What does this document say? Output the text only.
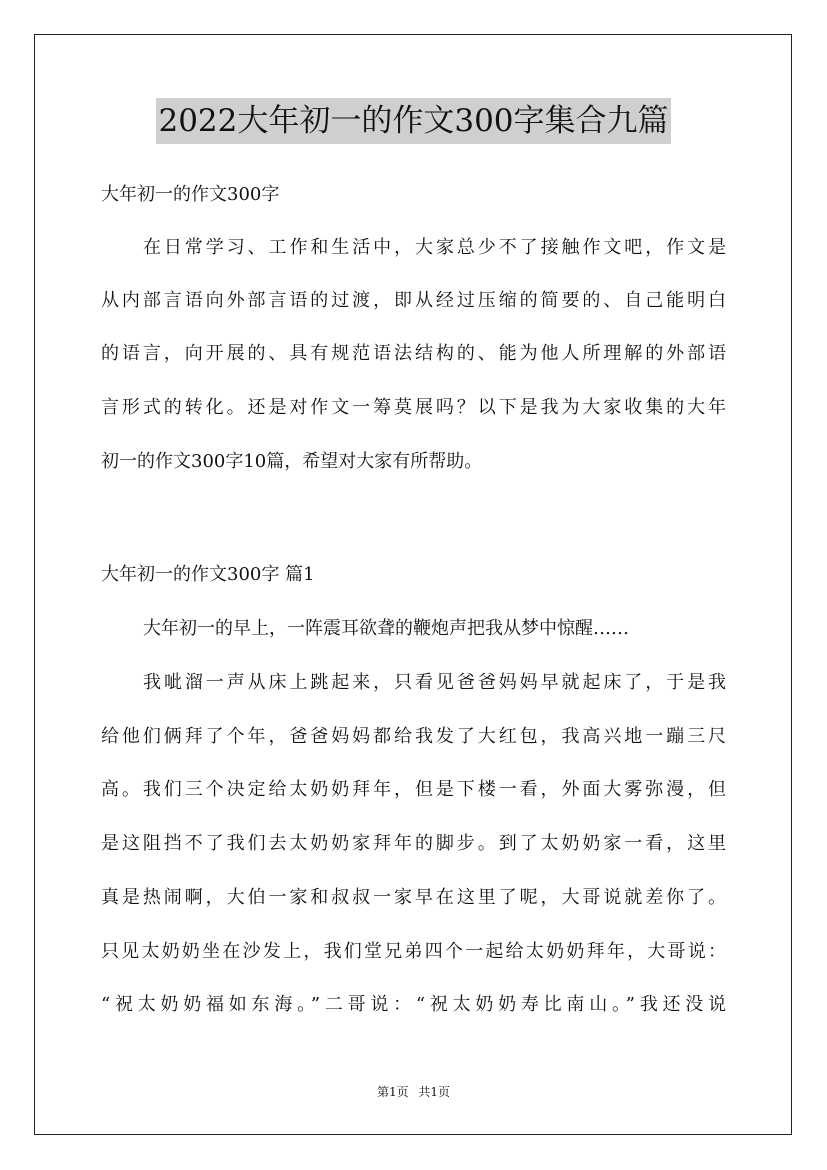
2022大年初一的作文300字集合九篇
大年初一的作文300字
在日常学习、工作和生活中，大家总少不了接触作文吧，作文是
从内部言语向外部言语的过渡，即从经过压缩的简要的、自己能明白
的语言，向开展的、具有规范语法结构的、能为他人所理解的外部语
言形式的转化。还是对作文一筹莫展吗？以下是我为大家收集的大年
初一的作文300字10篇，希望对大家有所帮助。
大年初一的作文300字 篇1
大年初一的早上，一阵震耳欲聋的鞭炮声把我从梦中惊醒……
我呲溜一声从床上跳起来，只看见爸爸妈妈早就起床了，于是我
给他们俩拜了个年，爸爸妈妈都给我发了大红包，我高兴地一蹦三尺
高。我们三个决定给太奶奶拜年，但是下楼一看，外面大雾弥漫，但
是这阻挡不了我们去太奶奶家拜年的脚步。到了太奶奶家一看，这里
真是热闹啊，大伯一家和叔叔一家早在这里了呢，大哥说就差你了。
只见太奶奶坐在沙发上，我们堂兄弟四个一起给太奶奶拜年，大哥说：
“祝太奶奶福如东海。”二哥说：“祝太奶奶寿比南山。”我还没说
第1页 共1页
